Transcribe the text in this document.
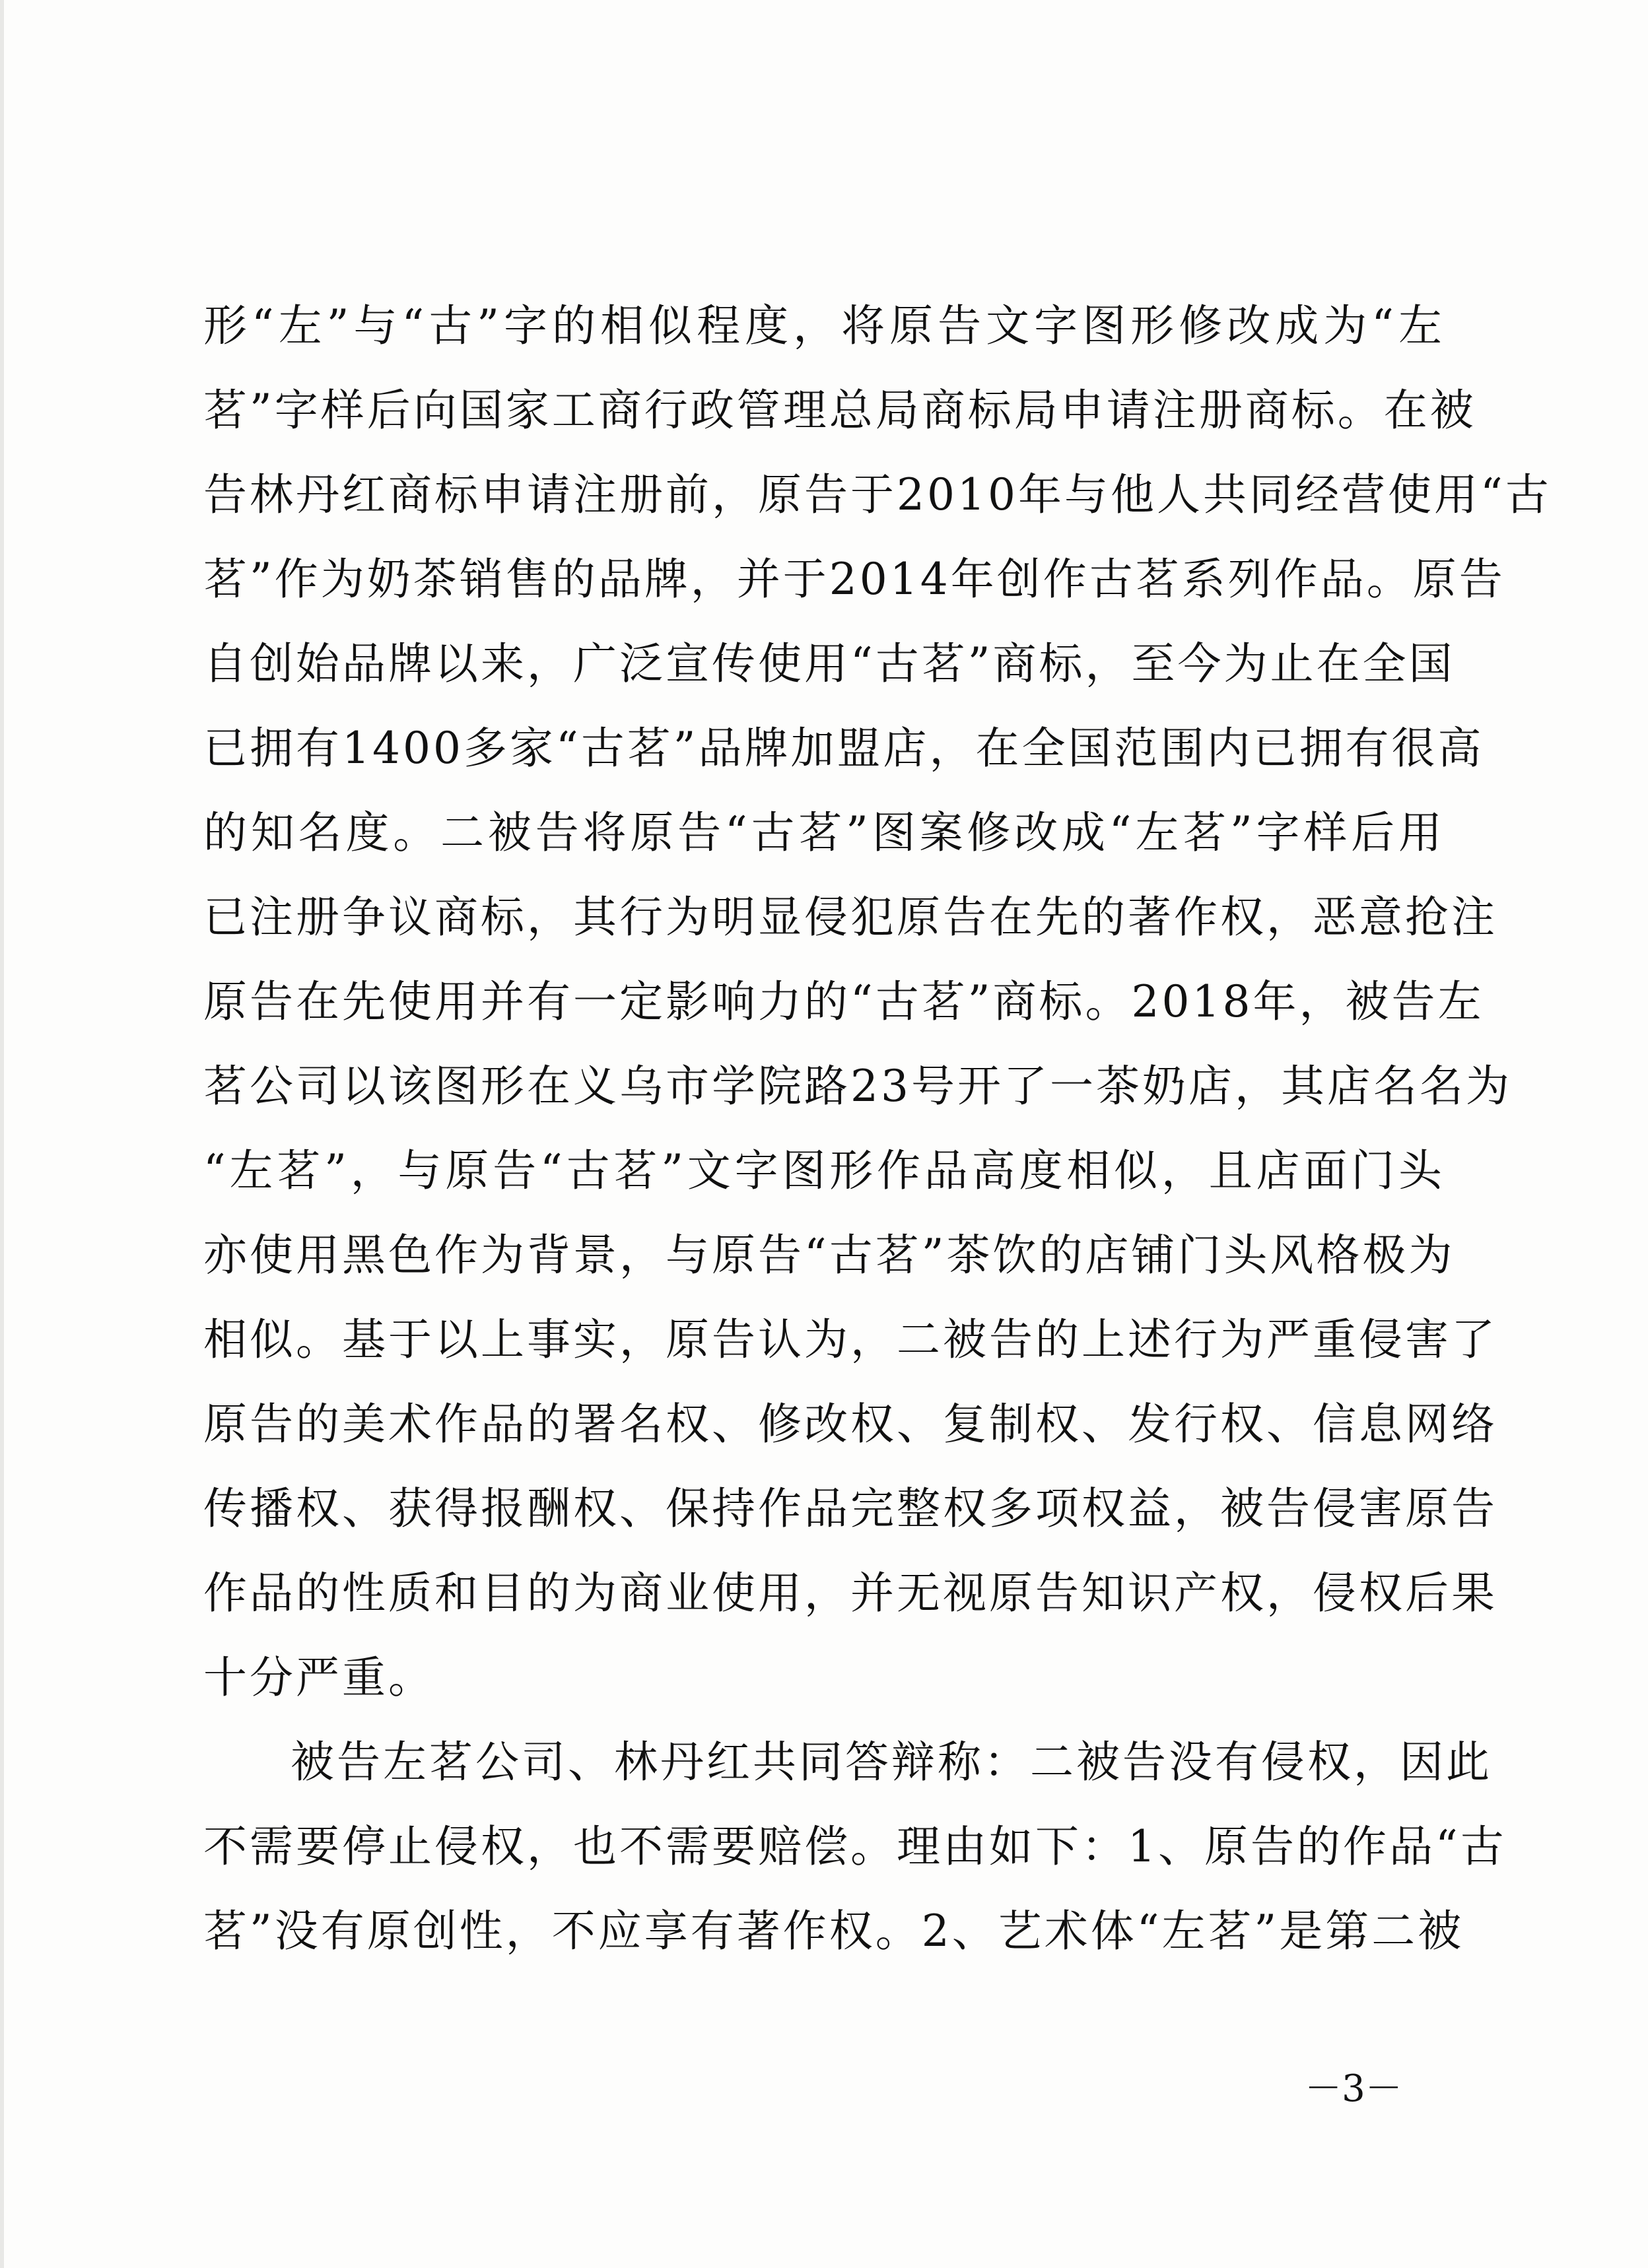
形“左”与“古”字的相似程度，将原告文字图形修改成为“左
茗”字样后向国家工商行政管理总局商标局申请注册商标。在被
告林丹红商标申请注册前，原告于2010年与他人共同经营使用“古
茗”作为奶茶销售的品牌，并于2014年创作古茗系列作品。原告
自创始品牌以来，广泛宣传使用“古茗”商标，至今为止在全国
已拥有1400多家“古茗”品牌加盟店，在全国范围内已拥有很高
的知名度。二被告将原告“古茗”图案修改成“左茗”字样后用
已注册争议商标，其行为明显侵犯原告在先的著作权，恶意抢注
原告在先使用并有一定影响力的“古茗”商标。2018年，被告左
茗公司以该图形在义乌市学院路23号开了一茶奶店，其店名名为
“左茗”，与原告“古茗”文字图形作品高度相似，且店面门头
亦使用黑色作为背景，与原告“古茗”茶饮的店铺门头风格极为
相似。基于以上事实，原告认为，二被告的上述行为严重侵害了
原告的美术作品的署名权、修改权、复制权、发行权、信息网络
传播权、获得报酬权、保持作品完整权多项权益，被告侵害原告
作品的性质和目的为商业使用，并无视原告知识产权，侵权后果
十分严重。
被告左茗公司、林丹红共同答辩称：二被告没有侵权，因此
不需要停止侵权，也不需要赔偿。理由如下：1、原告的作品“古
茗”没有原创性，不应享有著作权。2、艺术体“左茗”是第二被
－3－
